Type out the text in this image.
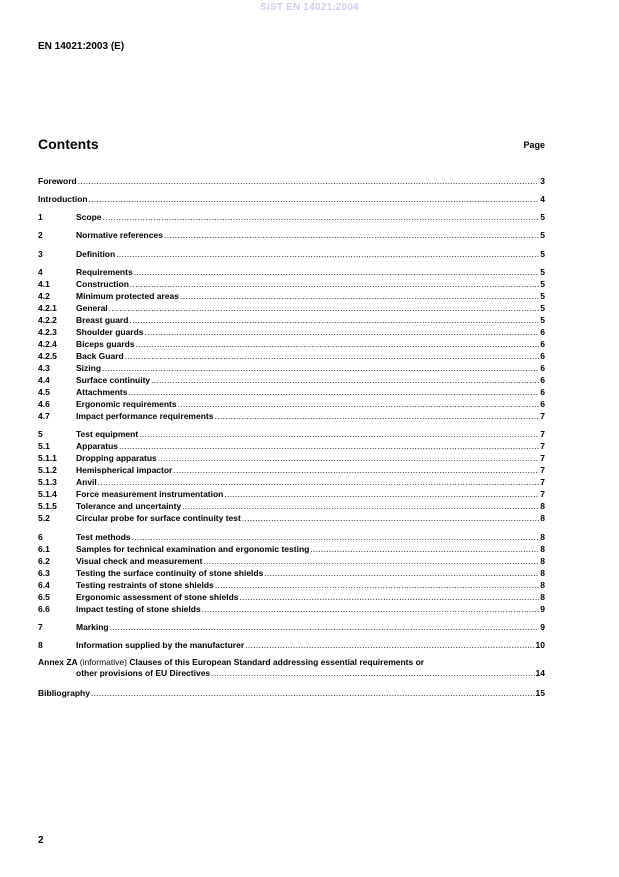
SIST EN 14021:2004
EN 14021:2003 (E)
Contents	Page
Foreword .....	3
Introduction .....	4
1	Scope .....	5
2	Normative references .....	5
3	Definition .....	5
4	Requirements .....	5
4.1	Construction .....	5
4.2	Minimum protected areas .....	5
4.2.1 General .....	5
4.2.2 Breast guard .....	5
4.2.3 Shoulder guards .....	6
4.2.4 Biceps guards .....	6
4.2.5 Back Guard .....	6
4.3	Sizing .....	6
4.4	Surface continuity .....	6
4.5	Attachments .....	6
4.6	Ergonomic requirements .....	6
4.7	Impact performance requirements .....	7
5	Test equipment .....	7
5.1	Apparatus .....	7
5.1.1 Dropping apparatus .....	7
5.1.2 Hemispherical impactor .....	7
5.1.3 Anvil .....	7
5.1.4 Force measurement instrumentation .....	7
5.1.5 Tolerance and uncertainty .....	8
5.2	Circular probe for surface continuity test .....	8
6	Test methods .....	8
6.1	Samples for technical examination and ergonomic testing .....	8
6.2	Visual check and measurement .....	8
6.3	Testing the surface continuity of stone shields .....	8
6.4	Testing restraints of stone shields .....	8
6.5	Ergonomic assessment of stone shields .....	8
6.6	Impact testing of stone shields .....	9
7	Marking .....	9
8	Information supplied by the manufacturer .....	10
Annex ZA (informative) Clauses of this European Standard addressing essential requirements or
other provisions of EU Directives .....	14
Bibliography .....	15
2
